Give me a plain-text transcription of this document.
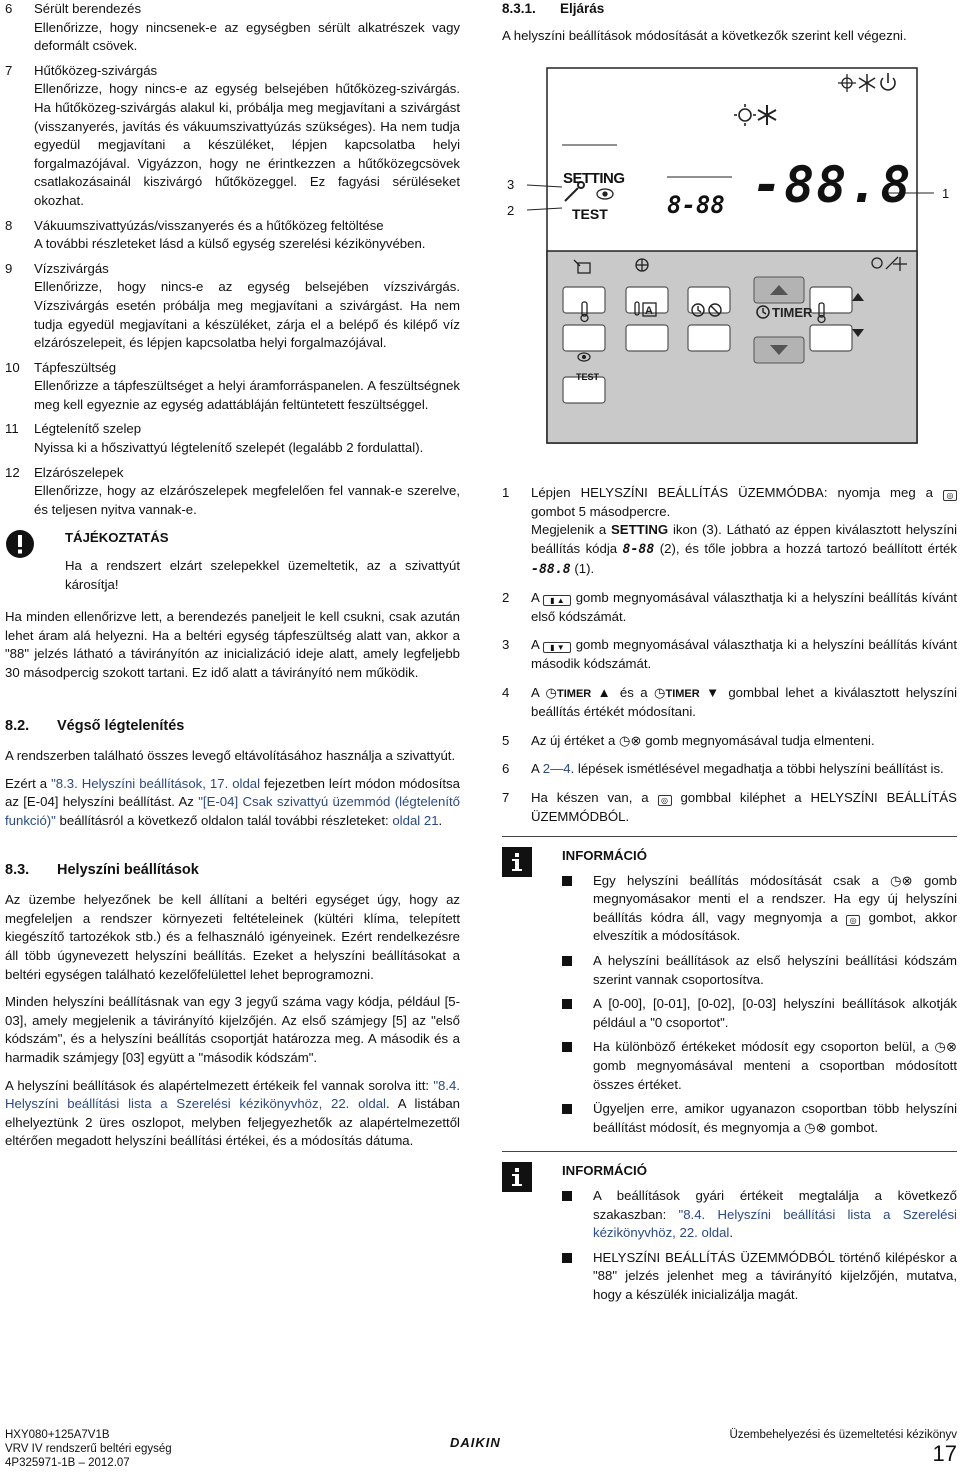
6	Sérült berendezés
Ellenőrizze, hogy nincsenek-e az egységben sérült alkatrészek vagy deformált csövek.
7	Hűtőközeg-szivárgás
Ellenőrizze, hogy nincs-e az egység belsejében hűtőközeg-szivárgás. Ha hűtőközeg-szivárgás alakul ki, próbálja meg megjavítani a szivárgást (visszanyerés, javítás és vákuumszivattyúzás szükséges). Ha nem tudja egyedül megjavítani a készüléket, lépjen kapcsolatba helyi forgalmazójával. Vigyázzon, hogy ne érintkezzen a hűtőközegcsövek csatlakozásainál kiszivárgó hűtőközeggel. Ez fagyási sérüléseket okozhat.
8	Vákuumszivattyúzás/visszanyerés és a hűtőközeg feltöltése
A további részleteket lásd a külső egység szerelési kézikönyvében.
9	Vízszivárgás
Ellenőrizze, hogy nincs-e az egység belsejében vízszivárgás. Vízszivárgás esetén próbálja meg megjavítani a szivárgást. Ha nem tudja egyedül megjavítani a készüléket, zárja el a belépő és kilépő víz elzárószelepeit, és lépjen kapcsolatba helyi forgalmazójával.
10	Tápfeszültség
Ellenőrizze a tápfeszültséget a helyi áramforráspanelen. A feszültségnek meg kell egyeznie az egység adattábláján feltüntetett feszültséggel.
11	Légtelenítő szelep
Nyissa ki a hőszivattyú légtelenítő szelepét (legalább 2 fordulattal).
12	Elzárószelepek
Ellenőrizze, hogy az elzárószelepek megfelelően fel vannak-e szerelve, és teljesen nyitva vannak-e.
TÁJÉKOZTATÁS
Ha a rendszert elzárt szelepekkel üzemeltetik, az a szivattyút károsítja!

Ha minden ellenőrizve lett, a berendezés paneljeit le kell csukni, csak azután lehet áram alá helyezni. Ha a beltéri egység tápfeszültség alatt van, akkor a "88" jelzés látható a távirányítón az inicializáció ideje alatt, amely legfeljebb 30 másodpercig szokott tartani. Ez idő alatt a távirányító nem működik.

8.2. Végső légtelenítés

A rendszerben található összes levegő eltávolításához használja a szivattyút.

Ezért a "8.3. Helyszíni beállítások, 17. oldal fejezetben leírt módon módosítsa az [E-04] helyszíni beállítást. Az "[E-04] Csak szivattyú üzemmód (légtelenítő funkció)" beállításról a következő oldalon talál további részleteket: oldal 21.

8.3. Helyszíni beállítások

Az üzembe helyezőnek be kell állítani a beltéri egységet úgy, hogy az megfeleljen a rendszer környezeti feltételeinek (kültéri klíma, telepített kiegészítő tartozékok stb.) és a felhasználó igényeinek. Ezért rendelkezésre áll több úgynevezett helyszíni beállítás. Ezeket a helyszíni beállításokat a beltéri egységen található kezelőfelülettel lehet beprogramozni.

Minden helyszíni beállításnak van egy 3 jegyű száma vagy kódja, például [5-03], amely megjelenik a távirányító kijelzőjén. Az első számjegy [5] az "első kódszám", és a helyszíni beállítás csoportját határozza meg. A második és a harmadik számjegy [03] együtt a "második kódszám".

A helyszíni beállítások és alapértelmezett értékeik fel vannak sorolva itt: "8.4. Helyszíni beállítási lista a Szerelési kézikönyvhöz, 22. oldal. A listában elhelyeztünk 2 üres oszlopot, melyben feljegyezhetők az alapértelmezettől eltérően megadott helyszíni beállítási értékei, és a módosítás dátuma.

8.3.1. Eljárás

A helyszíni beállítások módosítását a következők szerint kell végezni.

A	TIMER
SETTING
TEST 8-88 -88.8
TEST
3
2
1
1	Lépjen HELYSZÍNI BEÁLLÍTÁS ÜZEMMÓDBA: nyomja meg a ◎ gombot 5 másodpercre.
Megjelenik a SETTING ikon (3). Látható az éppen kiválasztott helyszíni beállítás kódja 8-88 (2), és tőle jobbra a hozzá tartozó beállított érték -88.8 (1).
2	A ▮ ▲ gomb megnyomásával választhatja ki a helyszíni beállítás kívánt első kódszámát.
3	A ▮ ▼ gomb megnyomásával választhatja ki a helyszíni beállítás kívánt második kódszámát.
4	A ◷TIMER ▲ és a ◷TIMER ▼ gombbal lehet a kiválasztott helyszíni beállítás értékét módosítani.
5	Az új értéket a ◷⊗ gomb megnyomásával tudja elmenteni.
6	A 2—4. lépések ismétlésével megadhatja a többi helyszíni beállítást is.
7	Ha készen van, a ◎ gombbal kiléphet a HELYSZÍNI BEÁLLÍTÁS ÜZEMMÓDBÓL.
INFORMÁCIÓ
Egy helyszíni beállítás módosítását csak a ◷⊗ gomb megnyomásakor menti el a rendszer. Ha egy új helyszíni beállítás kódra áll, vagy megnyomja a ◎ gombot, akkor elveszítik a módosítások.
A helyszíni beállítások az első helyszíni beállítási kódszám szerint vannak csoportosítva.
A [0-00], [0-01], [0-02], [0-03] helyszíni beállítások alkotják például a "0 csoportot".
Ha különböző értékeket módosít egy csoporton belül, a ◷⊗ gomb megnyomásával menteni a csoportban módosított összes értéket.
Ügyeljen erre, amikor ugyanazon csoportban több helyszíni beállítást módosít, és megnyomja a ◷⊗ gombot.
INFORMÁCIÓ
A beállítások gyári értékeit megtalálja a következő szakaszban: "8.4. Helyszíni beállítási lista a Szerelési kézikönyvhöz, 22. oldal.
HELYSZÍNI BEÁLLÍTÁS ÜZEMMÓDBÓL történő kilépéskor a "88" jelzés jelenhet meg a távirányító kijelzőjén, mutatva, hogy a készülék inicializálja magát.
HXY080+125A7V1B
VRV IV rendszerű beltéri egység
4P325971-1B – 2012.07
DAIKIN	Üzembehelyezési és üzemeltetési kézikönyv
17
